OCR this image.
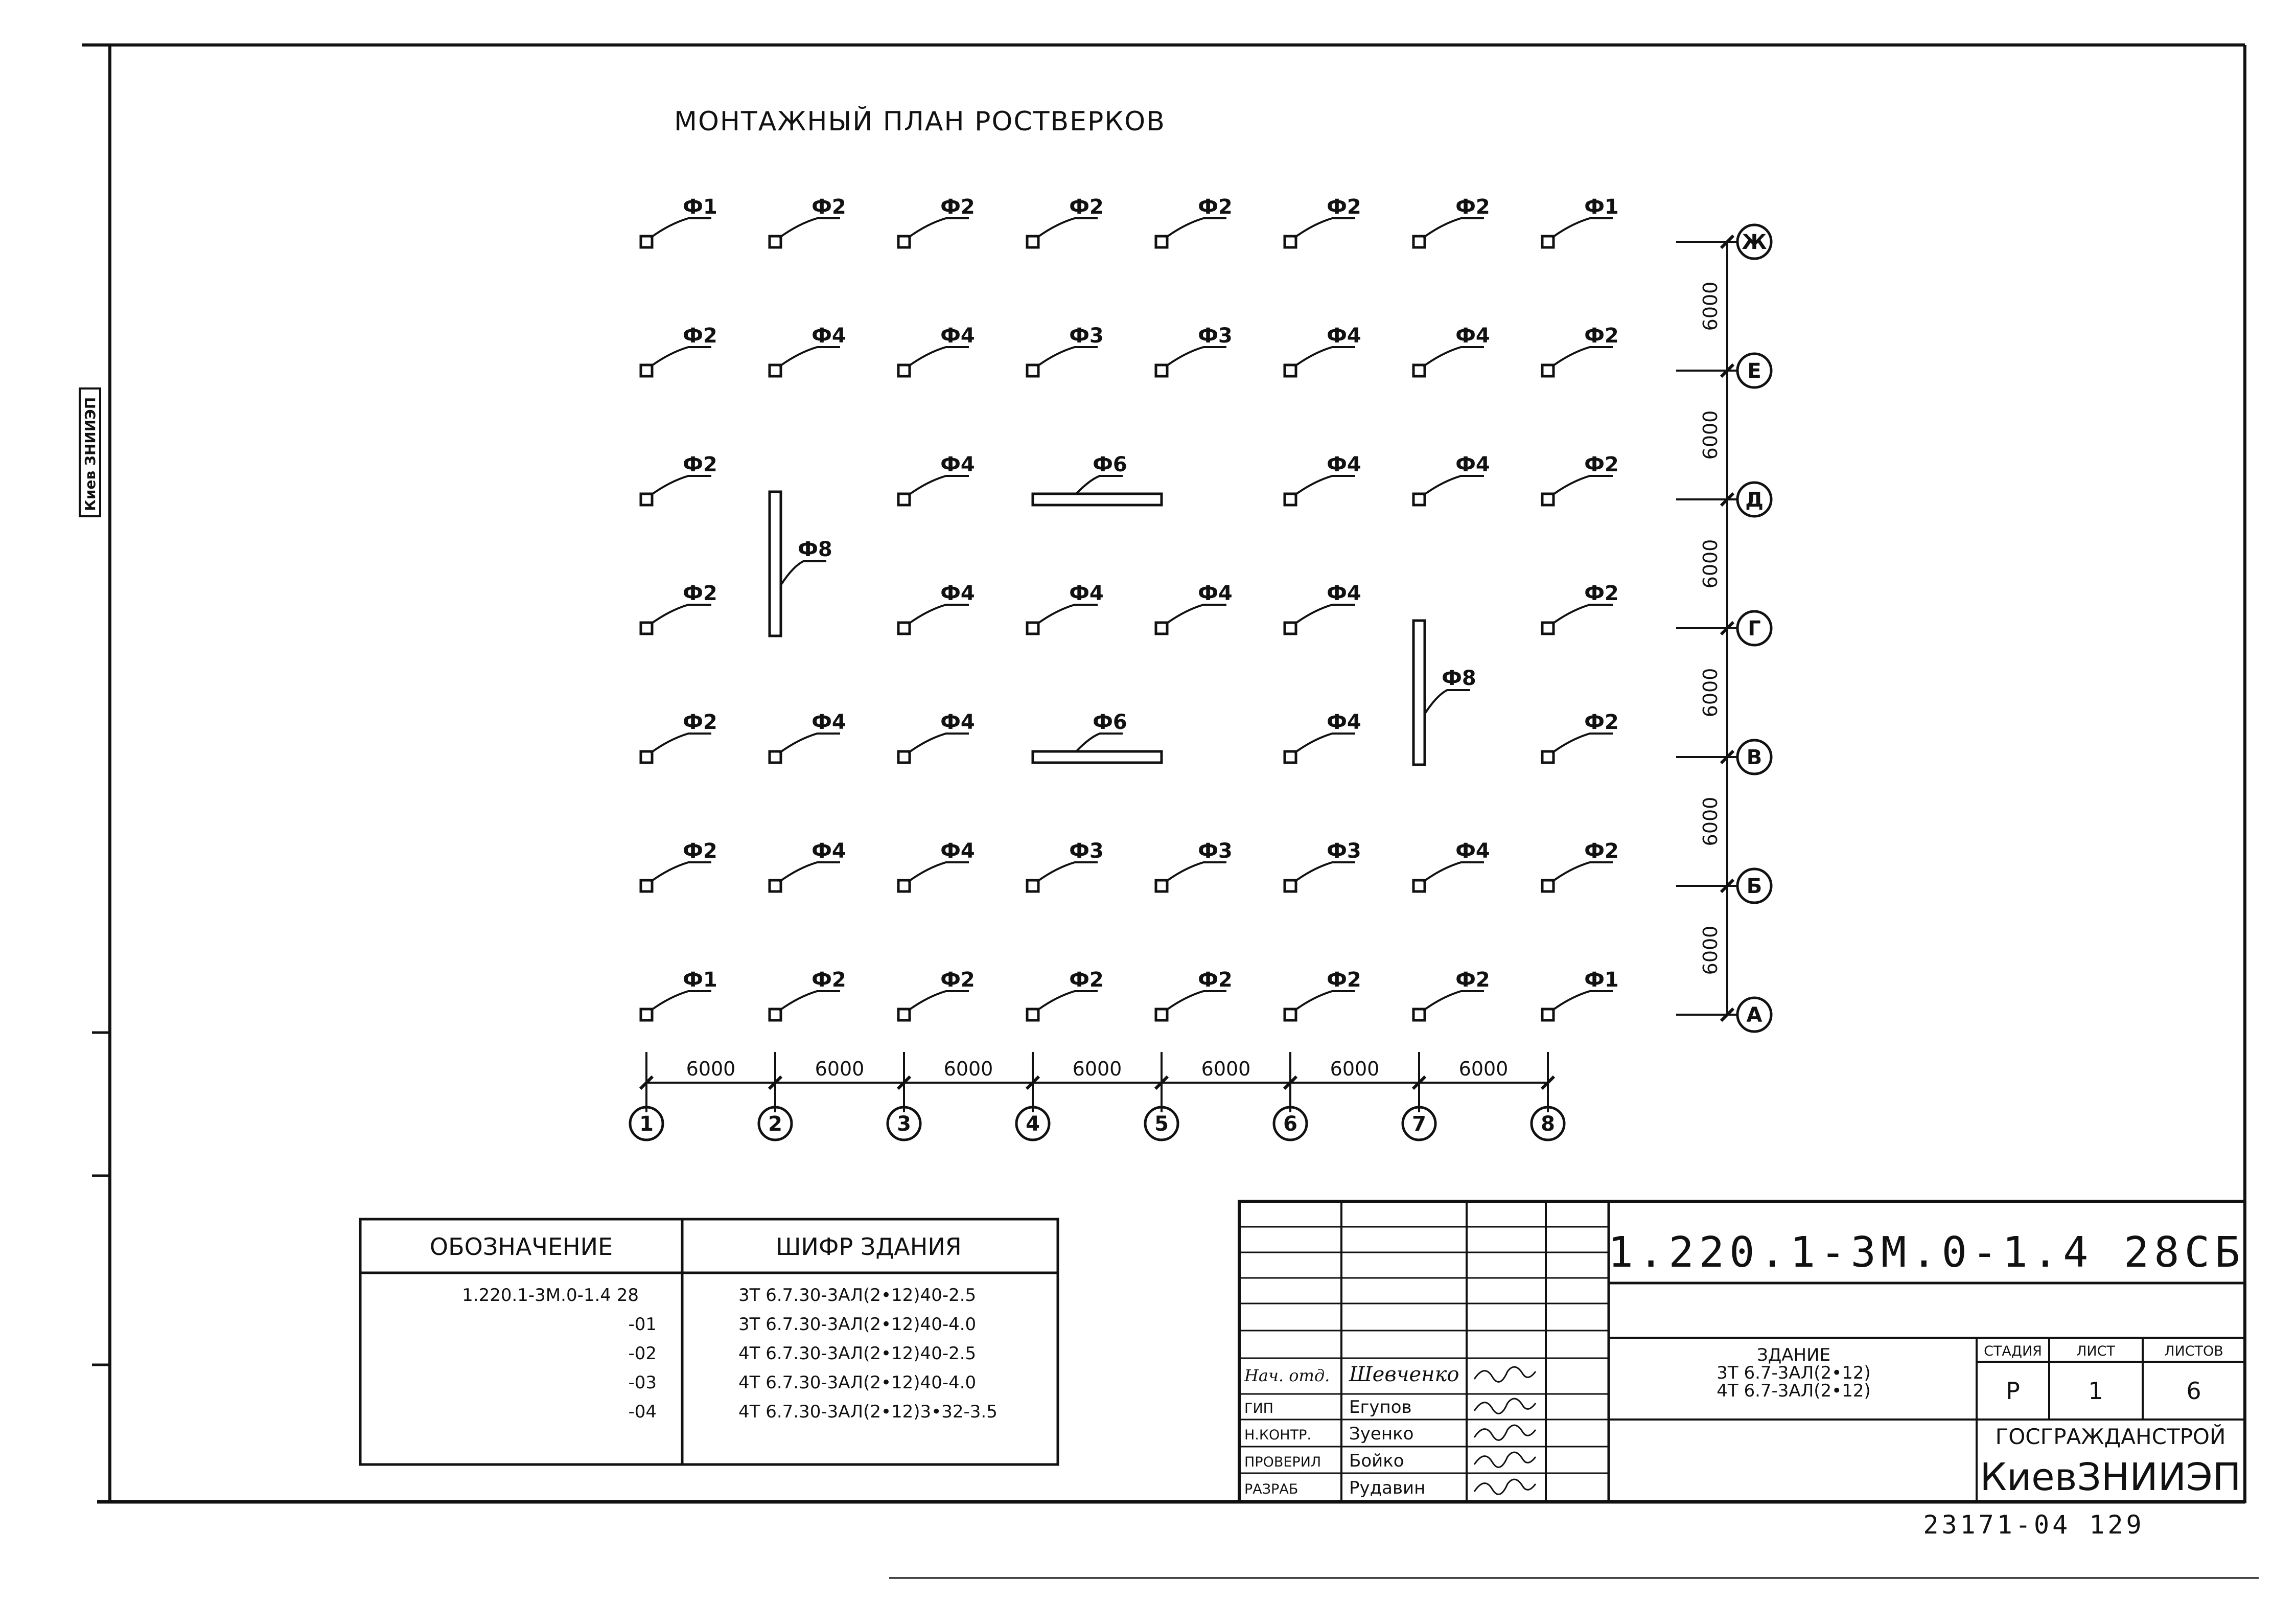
Киев ЗНИИЭП
МОНТАЖНЫЙ ПЛАН РОСТВЕРКОВ
Ф1	Ф2	Ф2	Ф2	Ф2	Ф2	Ф2	Ф1
Ф2	Ф4	Ф4	Ф3	Ф3	Ф4	Ф4	Ф2
Ф2	Ф4	Ф4	Ф4	Ф2
Ф2	Ф4	Ф4	Ф4	Ф4	Ф2
Ф2	Ф4	Ф4	Ф4	Ф2
Ф2	Ф4	Ф4	Ф3	Ф3	Ф3	Ф4	Ф2
Ф1	Ф2	Ф2	Ф2	Ф2	Ф2	Ф2	Ф1
Ф6
Ф6
Ф8
Ф8
1
6000
2
6000
3
6000
4
6000
5
6000
6
6000
7
6000
8
Ж
6000
Е
6000
Д
6000
Г
6000
В
6000
Б
6000
А
ОБОЗНАЧЕНИЕ	ШИФР ЗДАНИЯ
1.220.1-3М.0-1.4 28	3Т 6.7.30-3АЛ(2•12)40-2.5
-01	3Т 6.7.30-3АЛ(2•12)40-4.0
-02	4Т 6.7.30-3АЛ(2•12)40-2.5
-03	4Т 6.7.30-3АЛ(2•12)40-4.0
-04	4Т 6.7.30-3АЛ(2•12)3•32-3.5
1.220.1-3М.0-1.4 28СБ
ЗДАНИЕ
3Т 6.7-3АЛ(2•12)
4Т 6.7-3АЛ(2•12)
СТАДИЯ ЛИСТ	ЛИСТОВ
Р	1	6
ГОСГРАЖДАНСТРОЙ
КиевЗНИИЭП
Нач. отд. Шевченко
ГИП	Егупов
Н.КОНТР. Зуенко
ПРОВЕРИЛ Бойко
РАЗРАБ	Рудавин
23171-04 129
